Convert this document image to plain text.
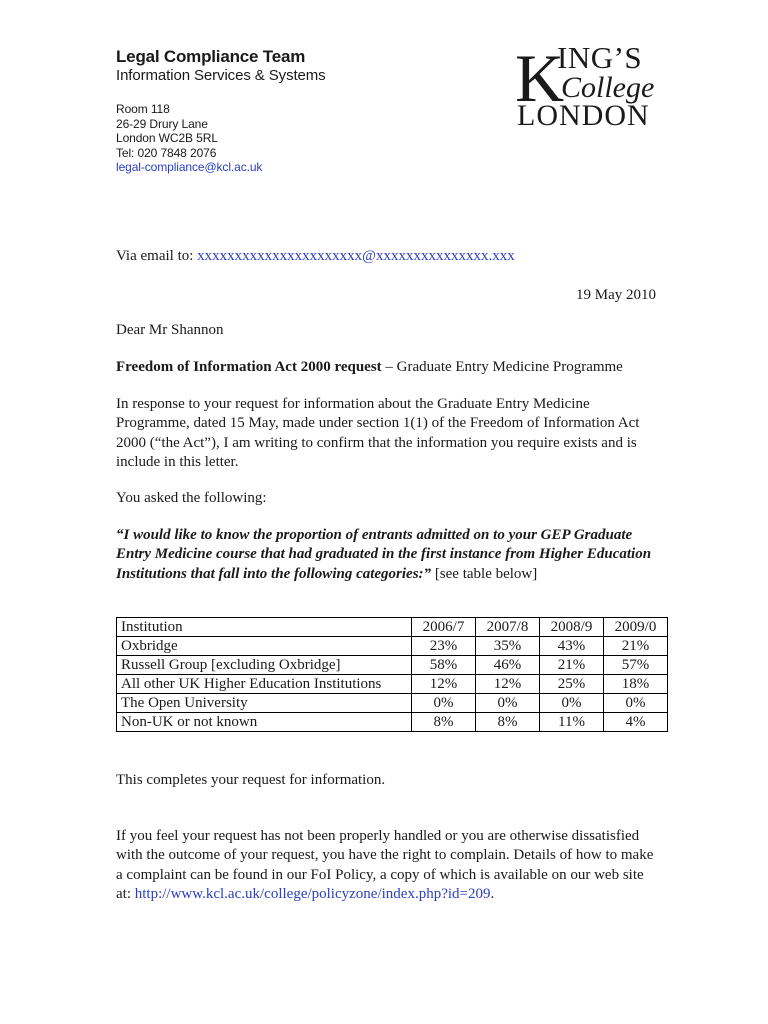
Legal Compliance Team
Information Services & Systems
Room 118
26-29 Drury Lane
London WC2B 5RL
Tel: 020 7848 2076
legal-compliance@kcl.ac.uk
K
ING’S
College
LONDON
Via email to: xxxxxxxxxxxxxxxxxxxxxx@xxxxxxxxxxxxxxx.xxx
19 May 2010
Dear Mr Shannon
Freedom of Information Act 2000 request – Graduate Entry Medicine Programme
In response to your request for information about the Graduate Entry Medicine Programme, dated 15 May, made under section 1(1) of the Freedom of Information Act 2000 (“the Act”), I am writing to confirm that the information you require exists and is include in this letter.
You asked the following:
“I would like to know the proportion of entrants admitted on to your GEP Graduate Entry Medicine course that had graduated in the first instance from Higher Education Institutions that fall into the following categories:” [see table below]
Institution	2006/7	2007/8	2008/9	2009/0
Oxbridge	23%	35%	43%	21%
Russell Group [excluding Oxbridge]	58%	46%	21%	57%
All other UK Higher Education Institutions	12%	12%	25%	18%
The Open University	0%	0%	0%	0%
Non-UK or not known	8%	8%	11%	4%
This completes your request for information.
If you feel your request has not been properly handled or you are otherwise dissatisfied with the outcome of your request, you have the right to complain. Details of how to make a complaint can be found in our FoI Policy, a copy of which is available on our web site at: http://www.kcl.ac.uk/college/policyzone/index.php?id=209.
